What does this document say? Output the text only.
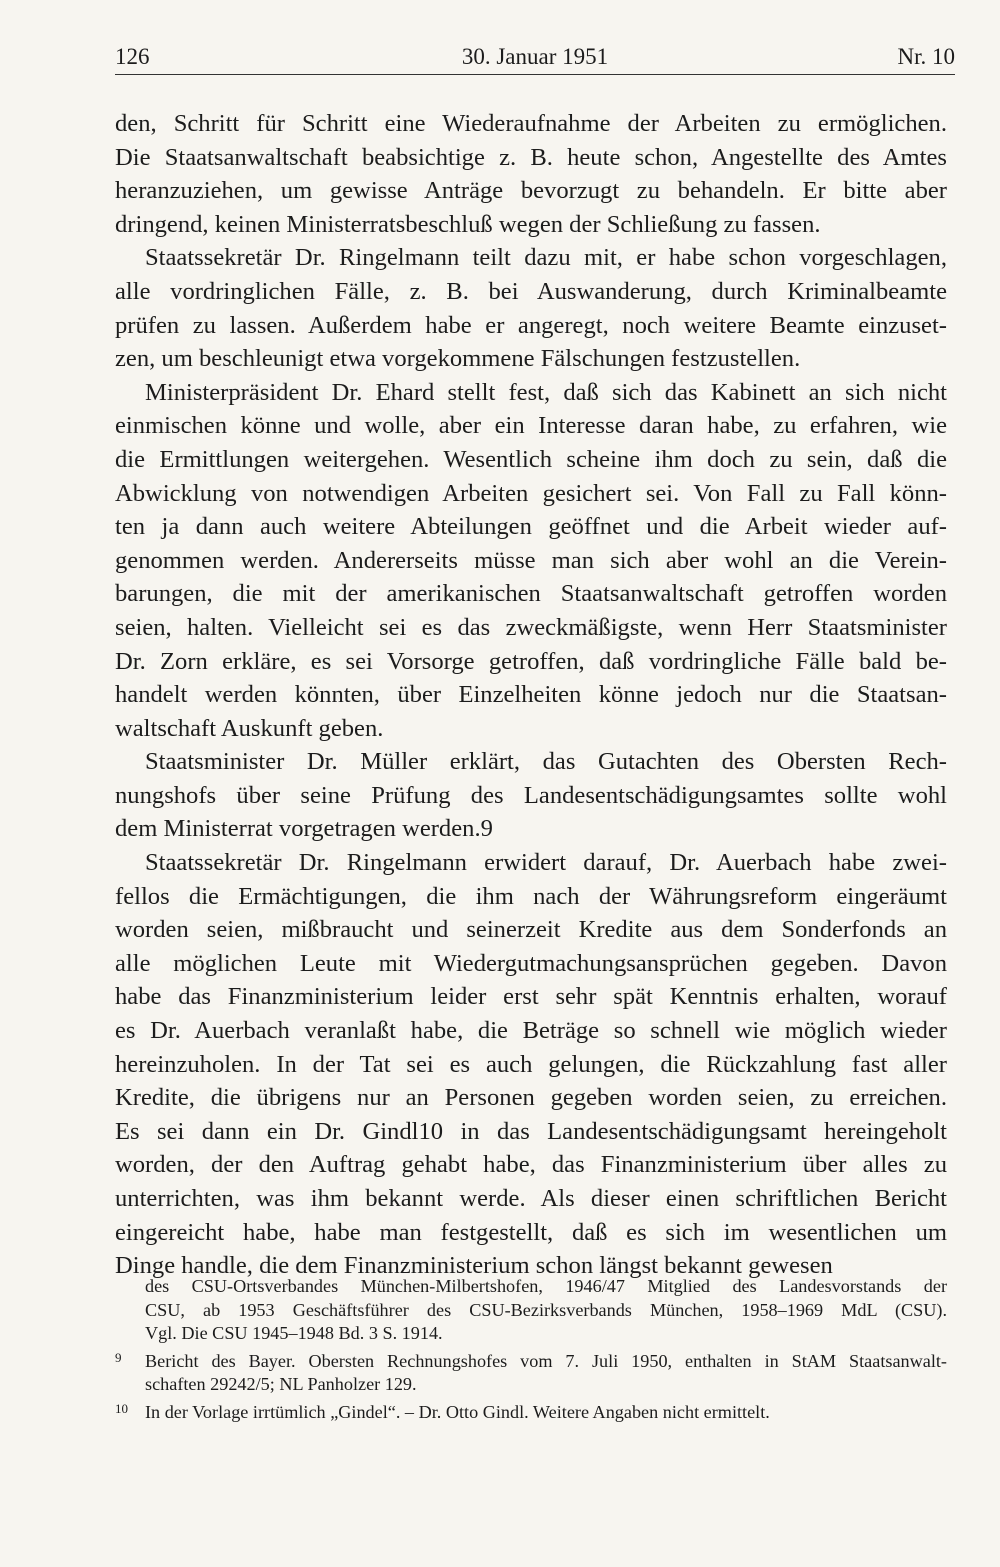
126	30. Januar 1951	Nr. 10
den, Schritt für Schritt eine Wiederaufnahme der Arbeiten zu ermöglichen.
Die Staatsanwaltschaft beabsichtige z. B. heute schon, Angestellte des Amtes
heranzuziehen, um gewisse Anträge bevorzugt zu behandeln. Er bitte aber
dringend, keinen Ministerratsbeschluß wegen der Schließung zu fassen.
Staatssekretär Dr. Ringelmann teilt dazu mit, er habe schon vorgeschlagen,
alle vordringlichen Fälle, z. B. bei Auswanderung, durch Kriminalbeamte
prüfen zu lassen. Außerdem habe er angeregt, noch weitere Beamte einzuset-
zen, um beschleunigt etwa vorgekommene Fälschungen festzustellen.
Ministerpräsident Dr. Ehard stellt fest, daß sich das Kabinett an sich nicht
einmischen könne und wolle, aber ein Interesse daran habe, zu erfahren, wie
die Ermittlungen weitergehen. Wesentlich scheine ihm doch zu sein, daß die
Abwicklung von notwendigen Arbeiten gesichert sei. Von Fall zu Fall könn-
ten ja dann auch weitere Abteilungen geöffnet und die Arbeit wieder auf-
genommen werden. Andererseits müsse man sich aber wohl an die Verein-
barungen, die mit der amerikanischen Staatsanwaltschaft getroffen worden
seien, halten. Vielleicht sei es das zweckmäßigste, wenn Herr Staatsminister
Dr. Zorn erkläre, es sei Vorsorge getroffen, daß vordringliche Fälle bald be-
handelt werden könnten, über Einzelheiten könne jedoch nur die Staatsan-
waltschaft Auskunft geben.
Staatsminister Dr. Müller erklärt, das Gutachten des Obersten Rech-
nungshofs über seine Prüfung des Landesentschädigungsamtes sollte wohl
dem Ministerrat vorgetragen werden.9
Staatssekretär Dr. Ringelmann erwidert darauf, Dr. Auerbach habe zwei-
fellos die Ermächtigungen, die ihm nach der Währungsreform eingeräumt
worden seien, mißbraucht und seinerzeit Kredite aus dem Sonderfonds an
alle möglichen Leute mit Wiedergutmachungsansprüchen gegeben. Davon
habe das Finanzministerium leider erst sehr spät Kenntnis erhalten, worauf
es Dr. Auerbach veranlaßt habe, die Beträge so schnell wie möglich wieder
hereinzuholen. In der Tat sei es auch gelungen, die Rückzahlung fast aller
Kredite, die übrigens nur an Personen gegeben worden seien, zu erreichen.
Es sei dann ein Dr. Gindl10 in das Landesentschädigungsamt hereingeholt
worden, der den Auftrag gehabt habe, das Finanzministerium über alles zu
unterrichten, was ihm bekannt werde. Als dieser einen schriftlichen Bericht
eingereicht habe, habe man festgestellt, daß es sich im wesentlichen um
Dinge handle, die dem Finanzministerium schon längst bekannt gewesen
des CSU-Ortsverbandes München-Milbertshofen, 1946/47 Mitglied des Landesvorstands der
CSU, ab 1953 Geschäftsführer des CSU-Bezirksverbands München, 1958–1969 MdL (CSU).
Vgl. Die CSU 1945–1948 Bd. 3 S. 1914.
9 Bericht des Bayer. Obersten Rechnungshofes vom 7. Juli 1950, enthalten in StAM Staatsanwalt-
schaften 29242/5; NL Panholzer 129.
10 In der Vorlage irrtümlich „Gindel“. – Dr. Otto Gindl. Weitere Angaben nicht ermittelt.
